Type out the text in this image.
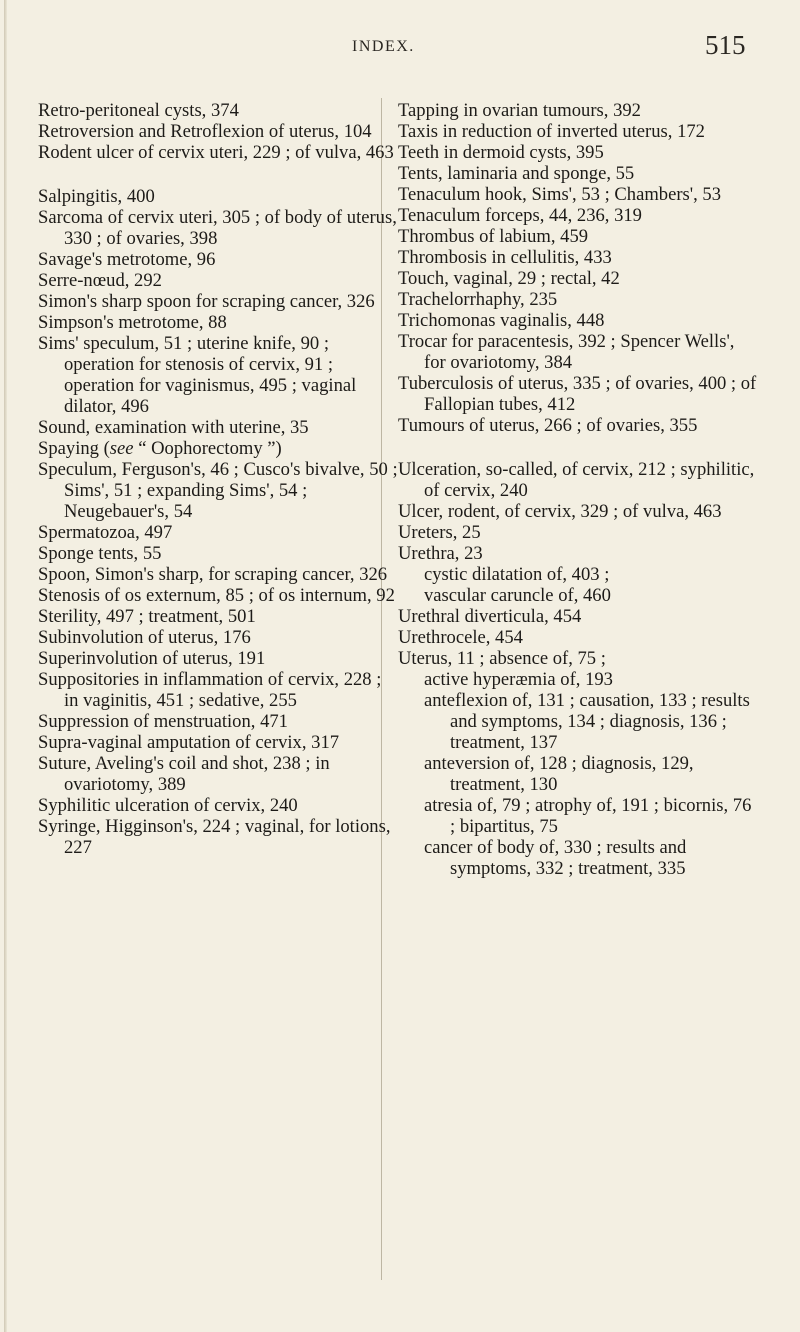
INDEX.	515

Retro-peritoneal cysts, 374

Retroversion and Retroflexion of uterus, 104

Rodent ulcer of cervix uteri, 229 ; of vulva, 463

Salpingitis, 400

Sarcoma of cervix uteri, 305 ; of body of uterus, 330 ; of ovaries, 398

Savage's metrotome, 96

Serre-nœud, 292

Simon's sharp spoon for scraping cancer, 326

Simpson's metrotome, 88

Sims' speculum, 51 ; uterine knife, 90 ; operation for stenosis of cervix, 91 ; operation for vaginismus, 495 ; vaginal dilator, 496

Sound, examination with uterine, 35

Spaying (see “ Oophorectomy ”)

Speculum, Ferguson's, 46 ; Cusco's bivalve, 50 ; Sims', 51 ; expanding Sims', 54 ; Neugebauer's, 54

Spermatozoa, 497

Sponge tents, 55

Spoon, Simon's sharp, for scraping cancer, 326

Stenosis of os externum, 85 ; of os internum, 92

Sterility, 497 ; treatment, 501

Subinvolution of uterus, 176

Superinvolution of uterus, 191

Suppositories in inflammation of cervix, 228 ; in vaginitis, 451 ; sedative, 255

Suppression of menstruation, 471

Supra-vaginal amputation of cervix, 317

Suture, Aveling's coil and shot, 238 ; in ovariotomy, 389

Syphilitic ulceration of cervix, 240

Syringe, Higginson's, 224 ; vaginal, for lotions, 227

Tapping in ovarian tumours, 392

Taxis in reduction of inverted uterus, 172

Teeth in dermoid cysts, 395

Tents, laminaria and sponge, 55

Tenaculum hook, Sims', 53 ; Chambers', 53

Tenaculum forceps, 44, 236, 319

Thrombus of labium, 459

Thrombosis in cellulitis, 433

Touch, vaginal, 29 ; rectal, 42

Trachelorrhaphy, 235

Trichomonas vaginalis, 448

Trocar for paracentesis, 392 ; Spencer Wells', for ovariotomy, 384

Tuberculosis of uterus, 335 ; of ovaries, 400 ; of Fallopian tubes, 412

Tumours of uterus, 266 ; of ovaries, 355

Ulceration, so-called, of cervix, 212 ; syphilitic, of cervix, 240

Ulcer, rodent, of cervix, 329 ; of vulva, 463

Ureters, 25

Urethra, 23

cystic dilatation of, 403 ;

vascular caruncle of, 460

Urethral diverticula, 454

Urethrocele, 454

Uterus, 11 ; absence of, 75 ;

active hyperæmia of, 193

anteflexion of, 131 ; causation, 133 ; results and symptoms, 134 ; diagnosis, 136 ; treatment, 137

anteversion of, 128 ; diagnosis, 129, treatment, 130

atresia of, 79 ; atrophy of, 191 ; bicornis, 76 ; bipartitus, 75

cancer of body of, 330 ; results and symptoms, 332 ; treatment, 335
